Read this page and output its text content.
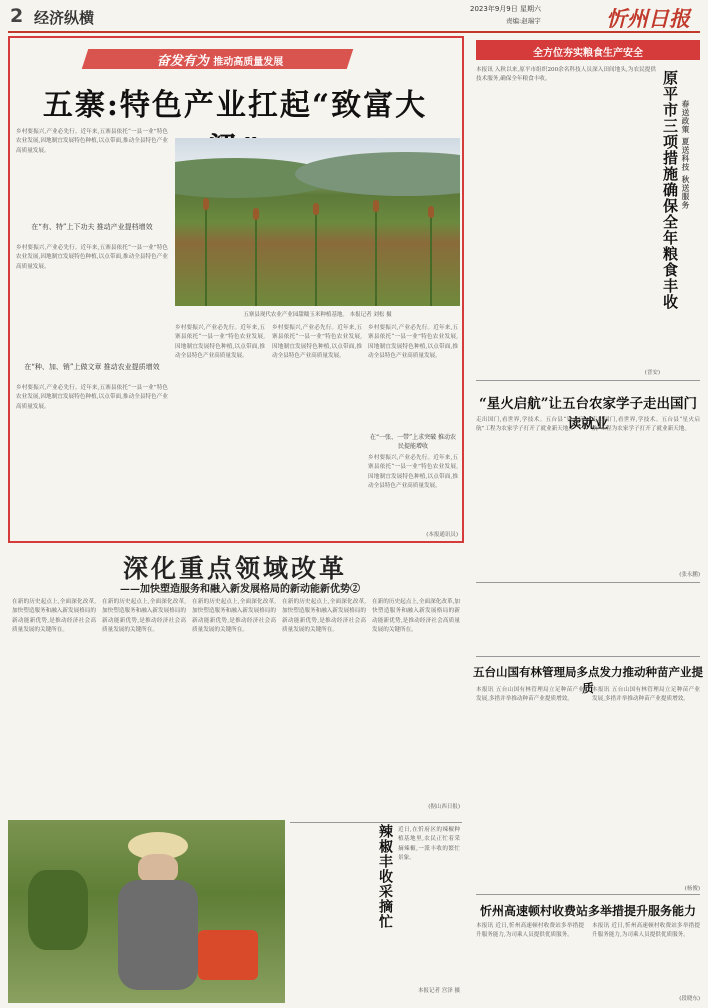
2 经济纵横	2023年9月9日 星期六
责编:赵瑞宇	忻州日报
奋发有为 推动高质量发展
五寨:特色产业扛起“致富大
乡村要振兴,产业必先行。近年来,五寨县依托“一县一业”特色农业发展,因地制宜发展特色种植,以点带面,推动全县特色产业高质量发展。
在“有、特”上下功夫 推动产业提档增效
乡村要振兴,产业必先行。近年来,五寨县依托“一县一业”特色农业发展,因地制宜发展特色种植,以点带面,推动全县特色产业高质量发展。
在“种、加、销”上做文章 推动农业提质增效
乡村要振兴,产业必先行。近年来,五寨县依托“一县一业”特色农业发展,因地制宜发展特色种植,以点带面,推动全县特色产业高质量发展。
五寨县现代农业产业园甜糯玉米种植基地。 本报记者 刘松 摄
乡村要振兴,产业必先行。近年来,五寨县依托“一县一业”特色农业发展,因地制宜发展特色种植,以点带面,推动全县特色产业高质量发展。
乡村要振兴,产业必先行。近年来,五寨县依托“一县一业”特色农业发展,因地制宜发展特色种植,以点带面,推动全县特色产业高质量发展。
乡村要振兴,产业必先行。近年来,五寨县依托“一县一业”特色农业发展,因地制宜发展特色种植,以点带面,推动全县特色产业高质量发展。
在“一张、一带”上求突破 推动农民提能增收
乡村要振兴,产业必先行。近年来,五寨县依托“一县一业”特色农业发展,因地制宜发展特色种植,以点带面,推动全县特色产业高质量发展。
(本报通讯员)
全方位夯实粮食生产安全
本报讯 入秋以来,原平市组织200余名科技人员深入田间地头,为农民提供技术服务,确保全年粮食丰收。
春送政策 夏送科技 秋送服务
原平市三项措施确保全年粮食丰收
(晋安)
“星火启航”让五台农家学子走出国门读就业
走出国门,看世界,学技术。五台县“星火启航”工程为农家学子打开了就业新天地。
走出国门,看世界,学技术。五台县“星火启航”工程为农家学子打开了就业新天地。
(张永鹏)
深化重点领域改革
——加快塑造服务和融入新发展格局的新动能新优势②
在新的历史起点上,全面深化改革,加快塑造服务和融入新发展格局的新动能新优势,是推动经济社会高质量发展的关键所在。
在新的历史起点上,全面深化改革,加快塑造服务和融入新发展格局的新动能新优势,是推动经济社会高质量发展的关键所在。
在新的历史起点上,全面深化改革,加快塑造服务和融入新发展格局的新动能新优势,是推动经济社会高质量发展的关键所在。
在新的历史起点上,全面深化改革,加快塑造服务和融入新发展格局的新动能新优势,是推动经济社会高质量发展的关键所在。
在新的历史起点上,全面深化改革,加快塑造服务和融入新发展格局的新动能新优势,是推动经济社会高质量发展的关键所在。
(据山西日报)
五台山国有林管理局多点发力推动种苗产业提质
本报讯 五台山国有林管理局立足种苗产业发展,多措并举推动种苗产业提质增效。
本报讯 五台山国有林管理局立足种苗产业发展,多措并举推动种苗产业提质增效。
(杨俊)
辣椒丰收采摘忙 近日,在忻府区的辣椒种植基地里,农民正忙着采摘辣椒,一派丰收的繁忙景象。
本报记者 宫泽 摄
忻州高速顿村收费站多举措提升服务能力
本报讯 近日,忻州高速顿村收费站多举措提升服务能力,为司乘人员提供优质服务。
本报讯 近日,忻州高速顿村收费站多举措提升服务能力,为司乘人员提供优质服务。
(段晓东)
